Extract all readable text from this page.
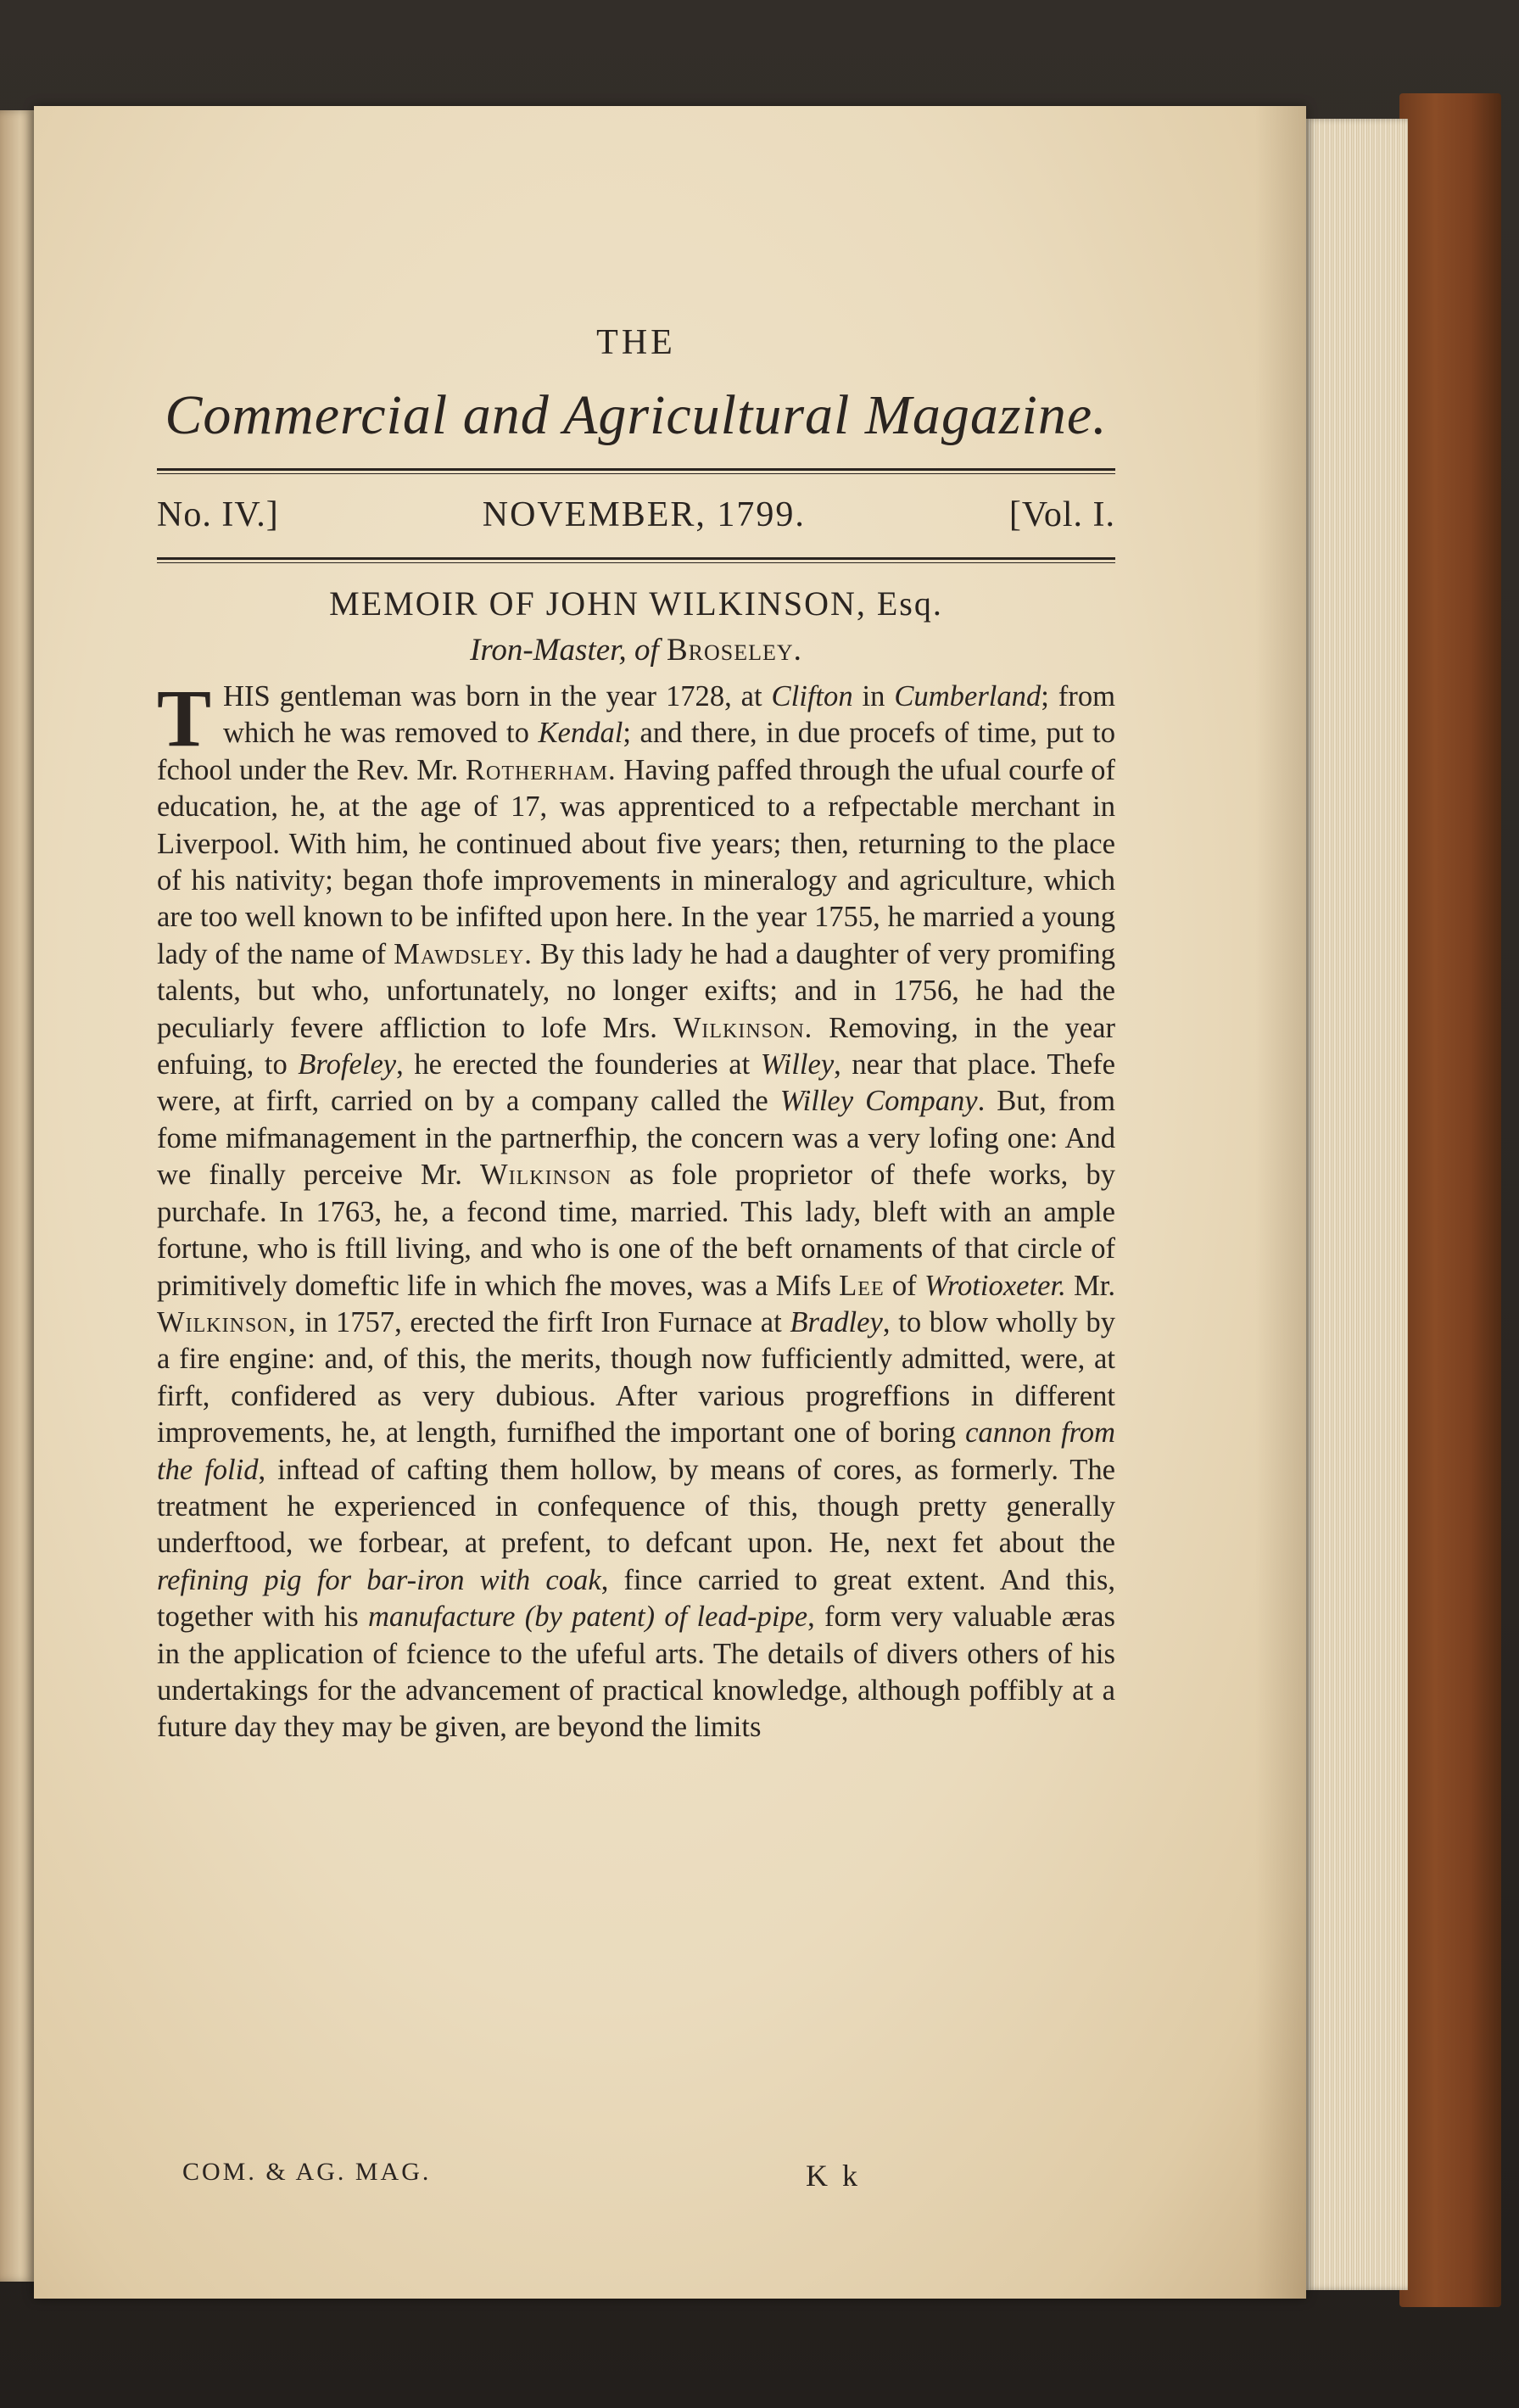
THE
Commercial and Agricultural Magazine.
No. IV.]	NOVEMBER, 1799.	[Vol. I.
MEMOIR OF JOHN WILKINSON, Esq.
Iron-Master, of Broseley.

THIS gentleman was born in the year 1728, at Clifton in Cumberland; from which he was removed to Kendal; and there, in due procefs of time, put to fchool under the Rev. Mr. Rotherham. Having paffed through the ufual courfe of education, he, at the age of 17, was apprenticed to a refpectable merchant in Liverpool. With him, he continued about five years; then, returning to the place of his nativity; began thofe improvements in mineralogy and agriculture, which are too well known to be infifted upon here. In the year 1755, he married a young lady of the name of Mawdsley. By this lady he had a daughter of very promifing talents, but who, unfortunately, no longer exifts; and in 1756, he had the peculiarly fevere affliction to lofe Mrs. Wilkinson. Removing, in the year enfuing, to Brofeley, he erected the founderies at Willey, near that place. Thefe were, at firft, carried on by a company called the Willey Company. But, from fome mifmanagement in the partnerfhip, the concern was a very lofing one: And we finally perceive Mr. Wilkinson as fole proprietor of thefe works, by purchafe. In 1763, he, a fecond time, married. This lady, bleft with an ample fortune, who is ftill living, and who is one of the beft ornaments of that circle of primitively domeftic life in which fhe moves, was a Mifs Lee of Wrotioxeter. Mr. Wilkinson, in 1757, erected the firft Iron Furnace at Bradley, to blow wholly by a fire engine: and, of this, the merits, though now fufficiently admitted, were, at firft, confidered as very dubious. After various progreffions in different improvements, he, at length, furnifhed the important one of boring cannon from the folid, inftead of cafting them hollow, by means of cores, as formerly. The treatment he experienced in confequence of this, though pretty generally underftood, we forbear, at prefent, to defcant upon. He, next fet about the refining pig for bar-iron with coak, fince carried to great extent. And this, together with his manufacture (by patent) of lead-pipe, form very valuable æras in the application of fcience to the ufeful arts. The details of divers others of his undertakings for the advancement of practical knowledge, although poffibly at a future day they may be given, are beyond the limits

COM. & AG. MAG.	K k
